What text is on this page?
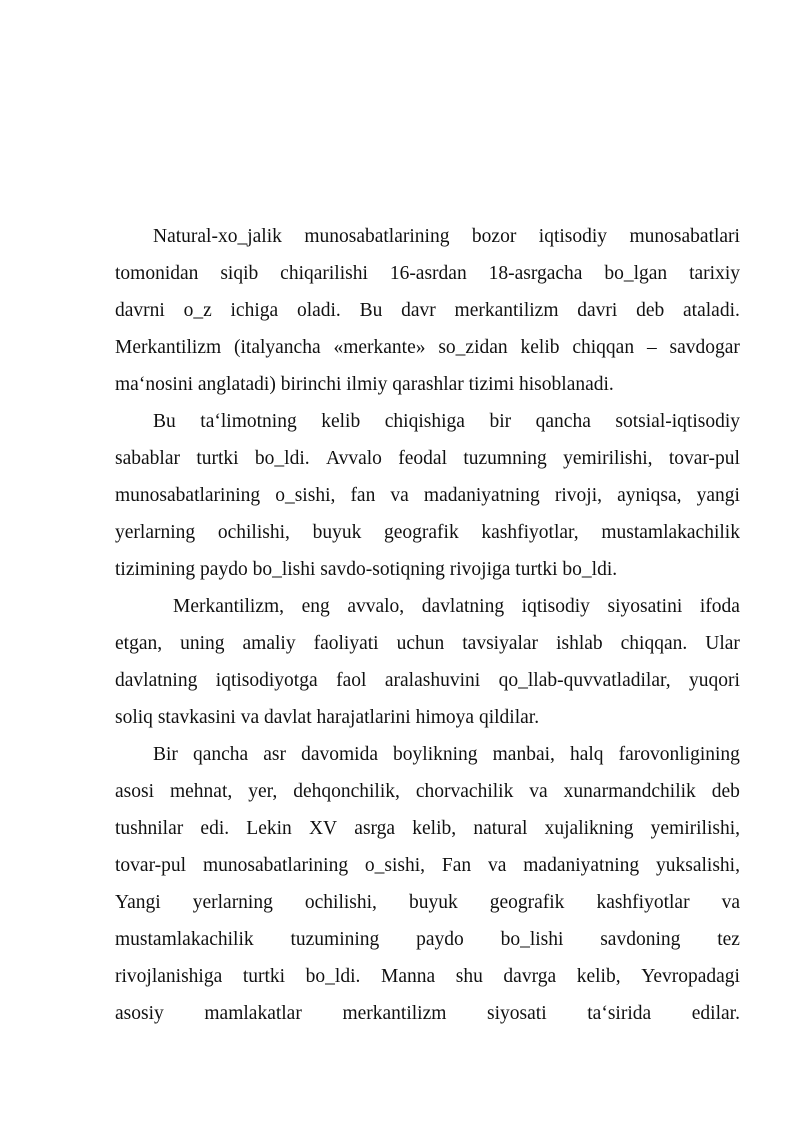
Natural-xo_jalik munosabatlarining bozor iqtisodiy munosabatlari
tomonidan siqib chiqarilishi 16-asrdan 18-asrgacha bo_lgan tarixiy
davrni o_z ichiga oladi. Bu davr merkantilizm davri deb ataladi.
Merkantilizm (italyancha «merkante» so_zidan kelib chiqqan – savdogar
maʻnosini
anglatadi)
birinchi
ilmiy
qarashlar
tizimi
hisoblanadi.

Bu taʻlimotning kelib chiqishiga bir qancha sotsial-iqtisodiy
sabablar turtki bo_ldi. Avvalo feodal tuzumning yemirilishi, tovar-pul
munosabatlarining o_sishi, fan va madaniyatning rivoji, ayniqsa, yangi
yerlarning ochilishi, buyuk geografik kashfiyotlar, mustamlakachilik
tizimining
paydo
bo_lishi
savdo-sotiqning
rivojiga
turtki
bo_ldi.

Merkantilizm, eng avvalo, davlatning iqtisodiy siyosatini ifoda
etgan, uning amaliy faoliyati uchun tavsiyalar ishlab chiqqan. Ular
davlatning iqtisodiyotga faol aralashuvini qo_llab-quvvatladilar, yuqori
soliq
stavkasini
va
davlat
harajatlarini
himoya
qildilar.

Bir qancha asr davomida boylikning manbai, halq farovonligining
asosi mehnat, yer, dehqonchilik, chorvachilik va xunarmandchilik deb
tushnilar edi. Lekin XV asrga kelib, natural xujalikning yemirilishi,
tovar-pul munosabatlarining o_sishi, Fan va madaniyatning yuksalishi,
Yangi yerlarning ochilishi, buyuk geografik kashfiyotlar va
mustamlakachilik tuzumining paydo bo_lishi savdoning tez
rivojlanishiga turtki bo_ldi. Manna shu davrga kelib, Yevropadagi
asosiy mamlakatlar merkantilizm siyosati taʻsirida edilar.
